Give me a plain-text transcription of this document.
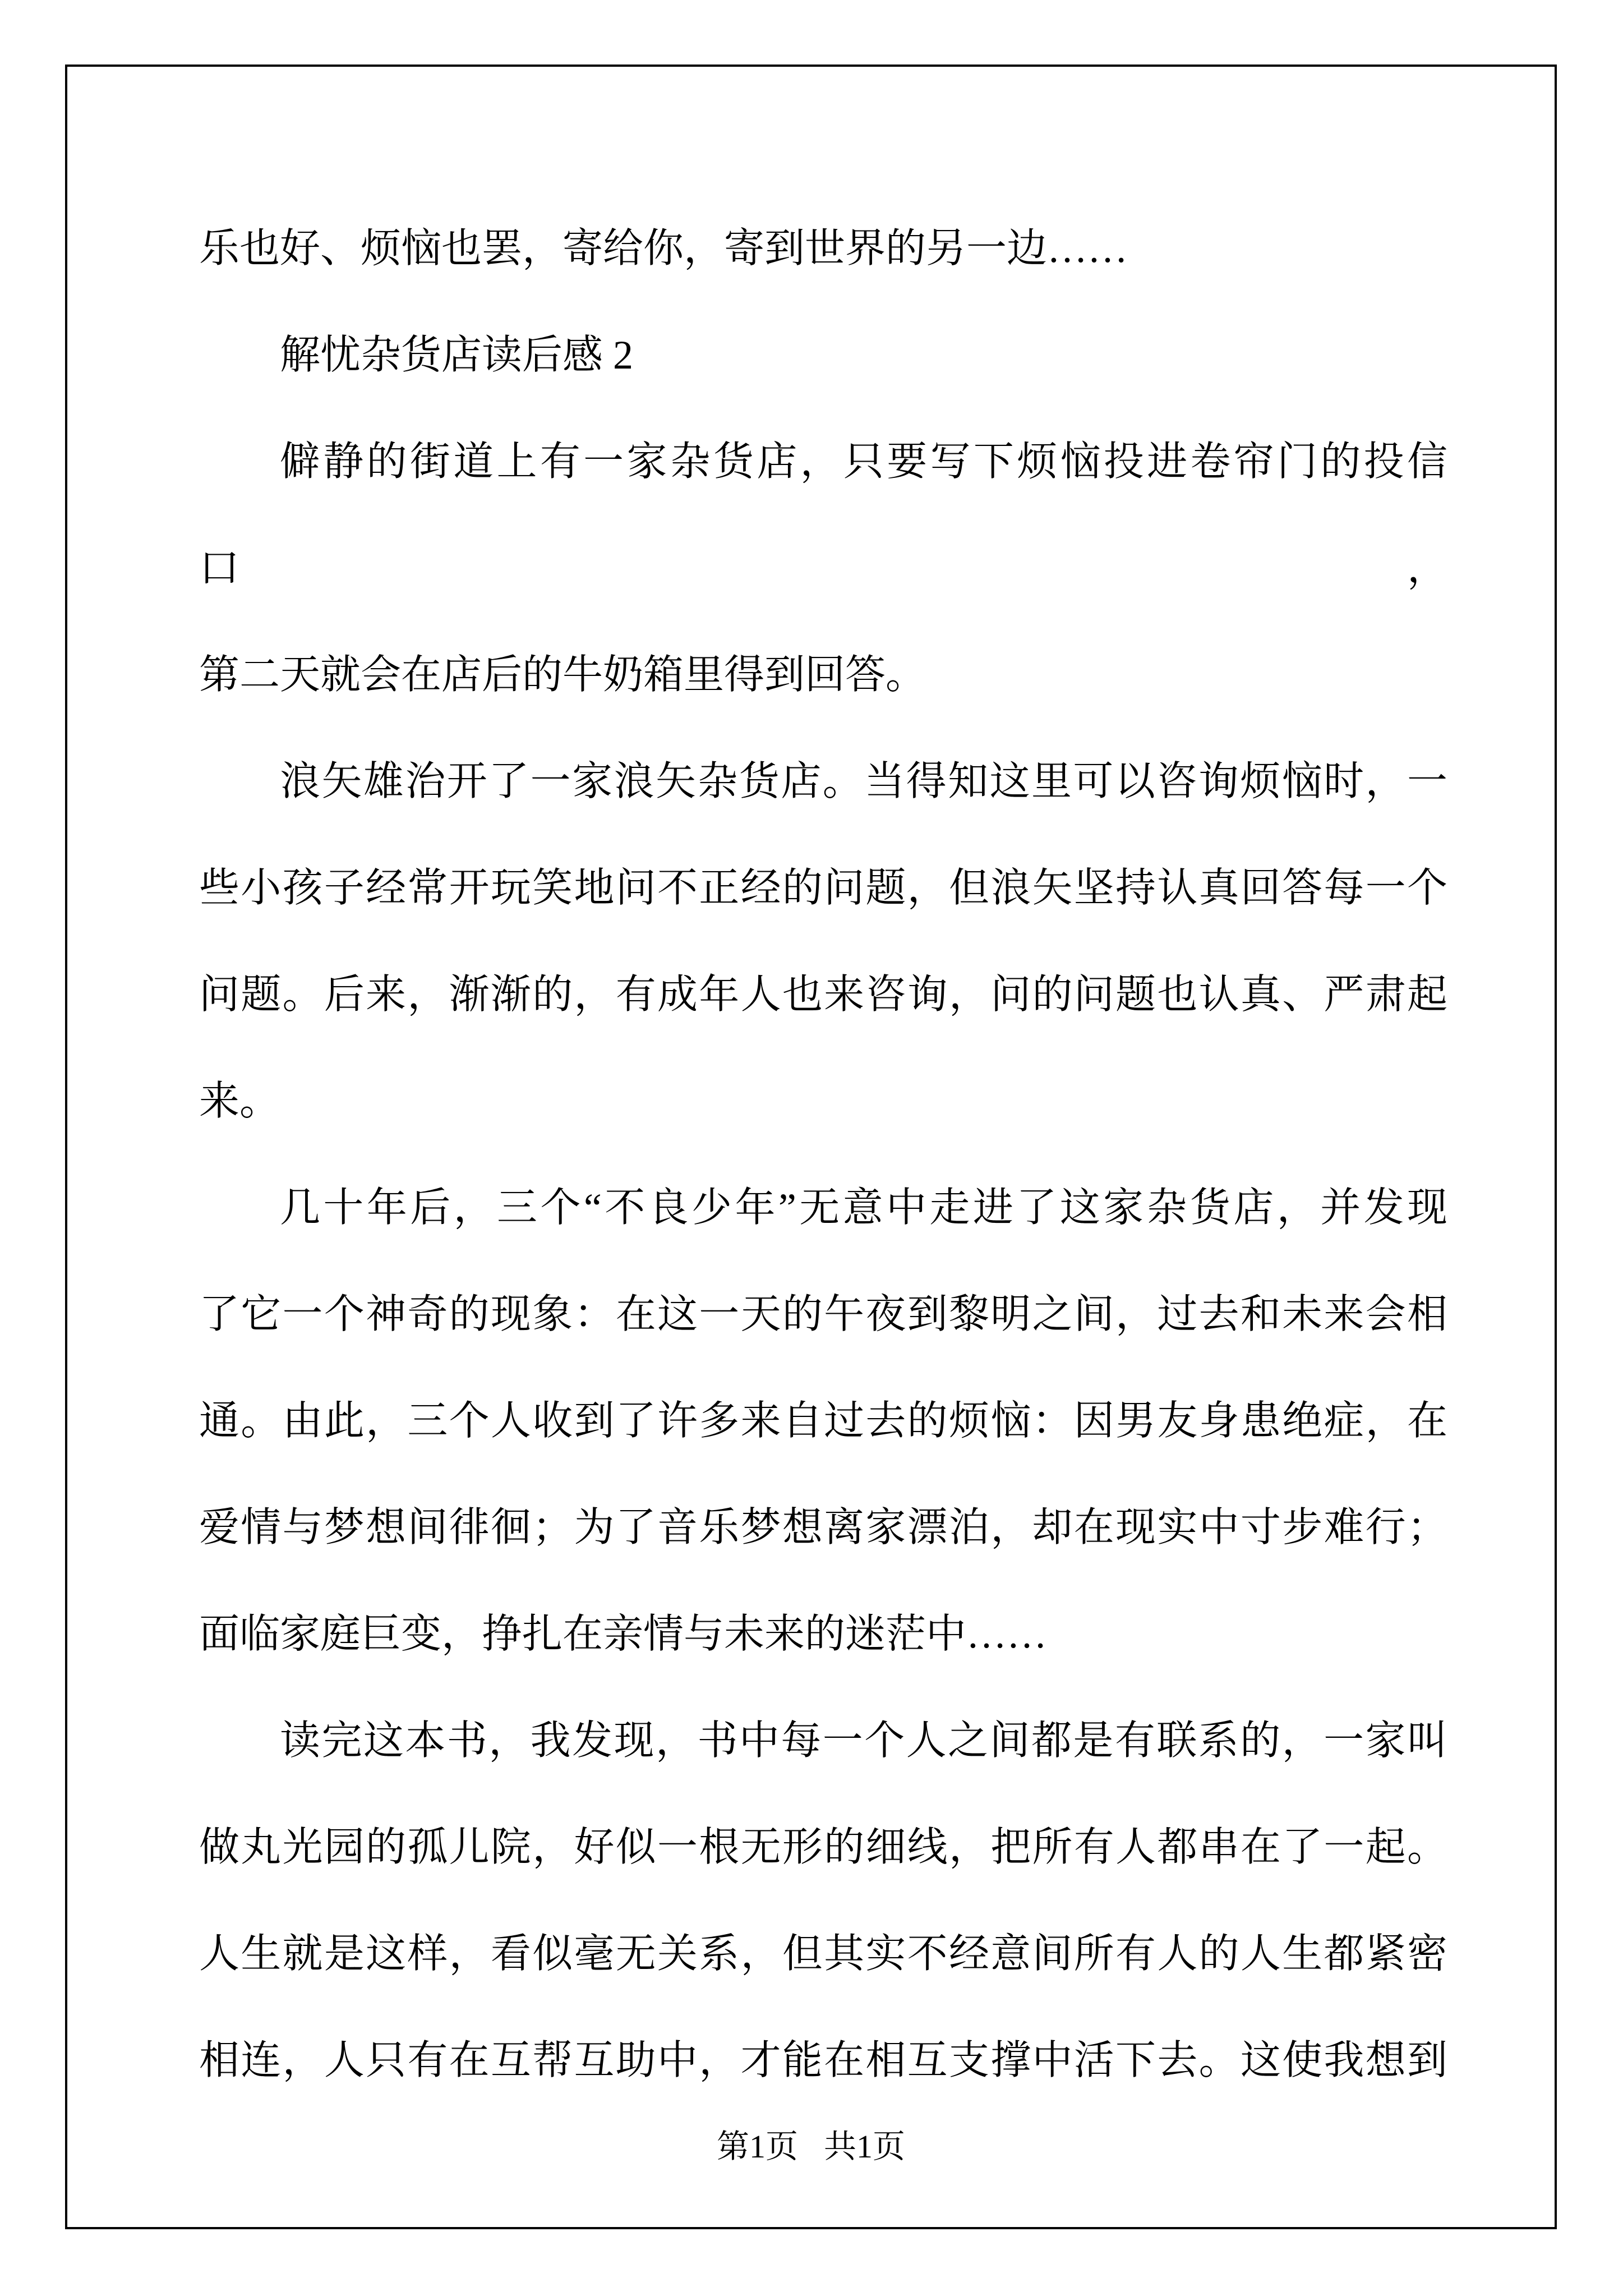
乐也好、烦恼也罢，寄给你，寄到世界的另一边……
解忧杂货店读后感 2
僻静的街道上有一家杂货店，只要写下烦恼投进卷帘门的投信口，
第二天就会在店后的牛奶箱里得到回答。
浪矢雄治开了一家浪矢杂货店。当得知这里可以咨询烦恼时，一
些小孩子经常开玩笑地问不正经的问题，但浪矢坚持认真回答每一个
问题。后来，渐渐的，有成年人也来咨询，问的问题也认真、严肃起
来。
几十年后，三个“不良少年”无意中走进了这家杂货店，并发现
了它一个神奇的现象：在这一天的午夜到黎明之间，过去和未来会相
通。由此，三个人收到了许多来自过去的烦恼：因男友身患绝症，在
爱情与梦想间徘徊；为了音乐梦想离家漂泊，却在现实中寸步难行；
面临家庭巨变，挣扎在亲情与未来的迷茫中……
读完这本书，我发现，书中每一个人之间都是有联系的，一家叫
做丸光园的孤儿院，好似一根无形的细线，把所有人都串在了一起。
人生就是这样，看似毫无关系，但其实不经意间所有人的人生都紧密
相连，人只有在互帮互助中，才能在相互支撑中活下去。这使我想到
第1页 共1页
